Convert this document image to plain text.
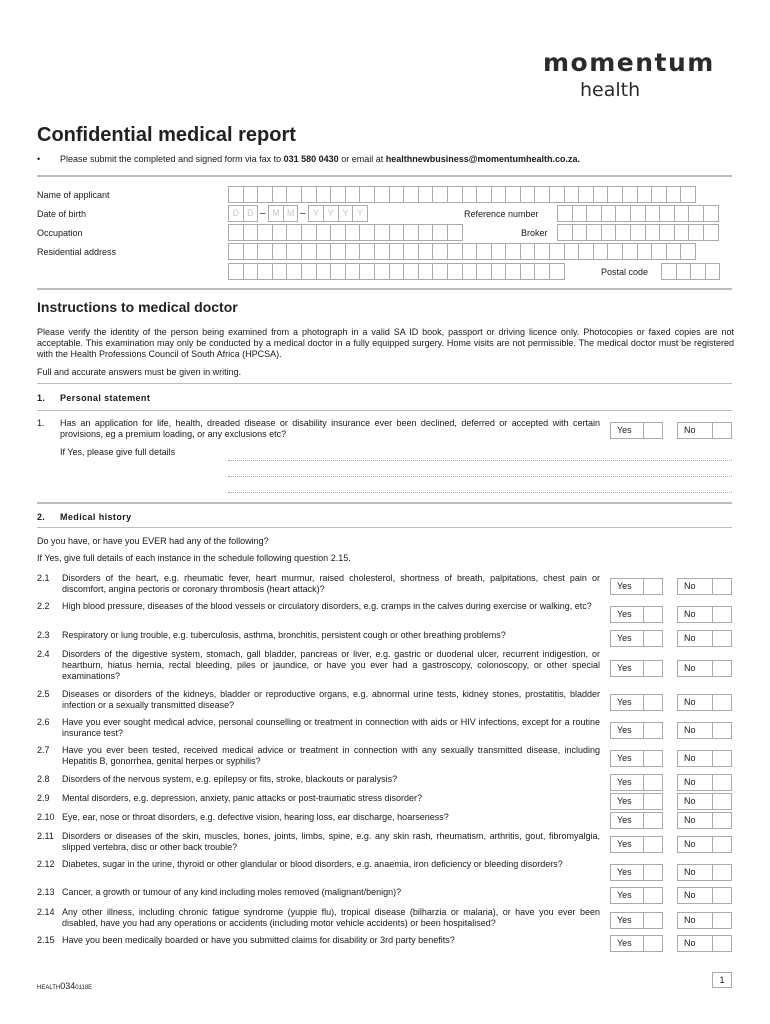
momentum
health
Confidential medical report
• Please submit the completed and signed form via fax to 031 580 0430 or email at healthnewbusiness@momentumhealth.co.za.
Name of applicant
Date of birth	D D – M M – Y Y Y Y	Reference number
Occupation	Broker
Residential address
Postal code
Instructions to medical doctor
Please verify the identity of the person being examined from a photograph in a valid SA ID book, passport or driving licence only. Photocopies or faxed copies are not acceptable. This examination may only be conducted by a medical doctor in a fully equipped surgery. Home visits are not permissible. The medical doctor must be registered with the Health Professions Council of South Africa (HPCSA).
Full and accurate answers must be given in writing.
1. Personal statement
1. Has an application for life, health, dreaded disease or disability insurance ever been declined, deferred or accepted with certain provisions, eg a premium loading, or any exclusions etc?	Yes	No
If Yes, please give full details
2. Medical history
Do you have, or have you EVER had any of the following?
If Yes, give full details of each instance in the schedule following question 2.15.
2.1 Disorders of the heart, e.g. rheumatic fever, heart murmur, raised cholesterol, shortness of breath, palpitations, chest pain or discomfort, angina pectoris or coronary thrombosis (heart attack)?	Yes	No
2.2 High blood pressure, diseases of the blood vessels or circulatory disorders, e.g. cramps in the calves during exercise or walking, etc?
Yes	No
2.3 Respiratory or lung trouble, e.g. tuberculosis, asthma, bronchitis, persistent cough or other breathing problems?	Yes	No
2.4 Disorders of the digestive system, stomach, gall bladder, pancreas or liver, e.g. gastric or duodenal ulcer, recurrent indigestion, or heartburn, hiatus hernia, rectal bleeding, piles or jaundice, or have you ever had a gastroscopy, colonoscopy, or other special examinations?
Yes	No
2.5 Diseases or disorders of the kidneys, bladder or reproductive organs, e.g. abnormal urine tests, kidney stones, prostatitis, bladder infection or a sexually transmitted disease?	Yes	No
2.6 Have you ever sought medical advice, personal counselling or treatment in connection with aids or HIV infections, except for a routine insurance test?	Yes	No
2.7 Have you ever been tested, received medical advice or treatment in connection with any sexually transmitted disease, including Hepatitis B, gonorrhea, genital herpes or syphilis?	Yes	No
2.8 Disorders of the nervous system, e.g. epilepsy or fits, stroke, blackouts or paralysis?	Yes	No
2.9 Mental disorders, e.g. depression, anxiety, panic attacks or post-traumatic stress disorder?	Yes	No
2.10 Eye, ear, nose or throat disorders, e.g. defective vision, hearing loss, ear discharge, hoarseness?	Yes	No
2.11 Disorders or diseases of the skin, muscles, bones, joints, limbs, spine, e.g. any skin rash, rheumatism, arthritis, gout, fibromyalgia, slipped vertebra, disc or other back trouble?	Yes	No
2.12 Diabetes, sugar in the urine, thyroid or other glandular or blood disorders, e.g. anaemia, iron deficiency or bleeding disorders?
Yes	No
2.13 Cancer, a growth or tumour of any kind including moles removed (malignant/benign)?	Yes	No
2.14 Any other illness, including chronic fatigue syndrome (yuppie flu), tropical disease (bilharzia or malaria), or have you ever been disabled, have you had any operations or accidents (including motor vehicle accidents) or been hospitalised?	Yes	No
2.15 Have you been medically boarded or have you submitted claims for disability or 3rd party benefits?	Yes	No
HEALTH0340118E
1
